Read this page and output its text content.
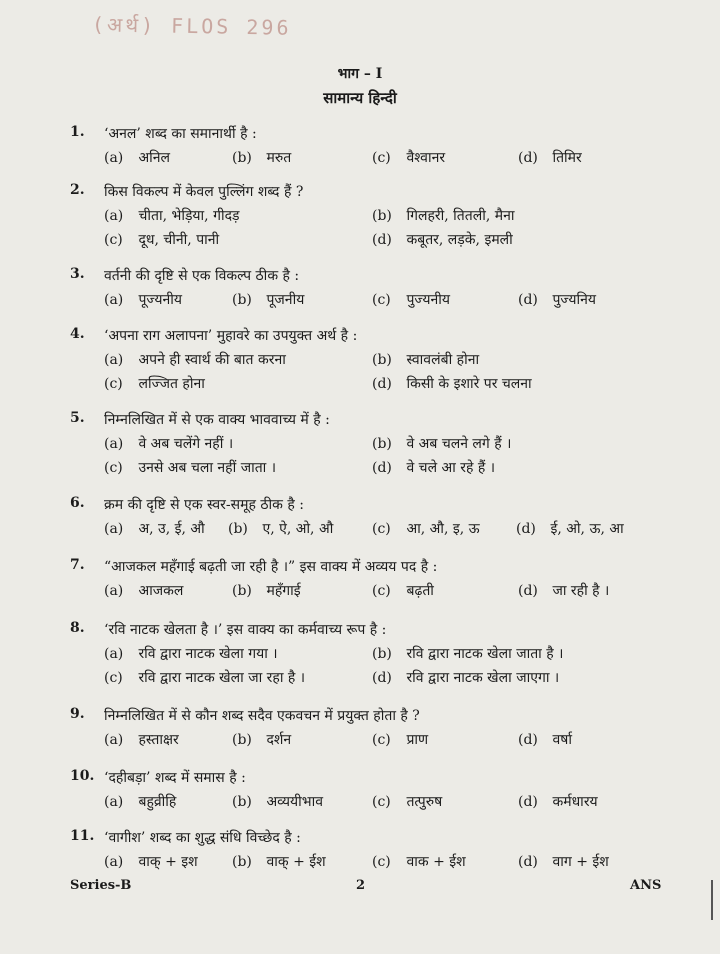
(अर्थ) FLOS 296
भाग – I
सामान्य हिन्दी
1. ‘अनल’ शब्द का समानार्थी है :
(a) अनिल	(b) मरुत	(c) वैश्वानर	(d) तिमिर
2. किस विकल्प में केवल पुल्लिंग शब्द हैं ?
(a) चीता, भेड़िया, गीदड़	(b) गिलहरी, तितली, मैना
(c) दूध, चीनी, पानी	(d) कबूतर, लड़के, इमली
3. वर्तनी की दृष्टि से एक विकल्प ठीक है :
(a) पूज्यनीय	(b) पूजनीय	(c) पुज्यनीय	(d) पुज्यनिय
4. ‘अपना राग अलापना’ मुहावरे का उपयुक्त अर्थ है :
(a) अपने ही स्वार्थ की बात करना	(b) स्वावलंबी होना
(c) लज्जित होना	(d) किसी के इशारे पर चलना
5. निम्नलिखित में से एक वाक्य भाववाच्य में है :
(a) वे अब चलेंगे नहीं ।	(b) वे अब चलने लगे हैं ।
(c) उनसे अब चला नहीं जाता ।	(d) वे चले आ रहे हैं ।
6. क्रम की दृष्टि से एक स्वर-समूह ठीक है :
(a) अ, उ, ई, औ (b) ए, ऐ, ओ, औ	(c) आ, औ, इ, ऊ	(d) ई, ओ, ऊ, आ
7. “आजकल महँगाई बढ़ती जा रही है ।” इस वाक्य में अव्यय पद है :
(a) आजकल	(b) महँगाई	(c) बढ़ती	(d) जा रही है ।
8. ‘रवि नाटक खेलता है ।’ इस वाक्य का कर्मवाच्य रूप है :
(a) रवि द्वारा नाटक खेला गया ।	(b) रवि द्वारा नाटक खेला जाता है ।
(c) रवि द्वारा नाटक खेला जा रहा है ।	(d) रवि द्वारा नाटक खेला जाएगा ।
9. निम्नलिखित में से कौन शब्द सदैव एकवचन में प्रयुक्त होता है ?
(a) हस्ताक्षर	(b) दर्शन	(c) प्राण	(d) वर्षा
10. ‘दहीबड़ा’ शब्द में समास है :
(a) बहुव्रीहि	(b) अव्ययीभाव	(c) तत्पुरुष	(d) कर्मधारय
11. ‘वागीश’ शब्द का शुद्ध संधि विच्छेद है :
(a) वाक् + इश (b) वाक् + ईश	(c) वाक + ईश	(d) वाग + ईश
Series-B	2	ANS
